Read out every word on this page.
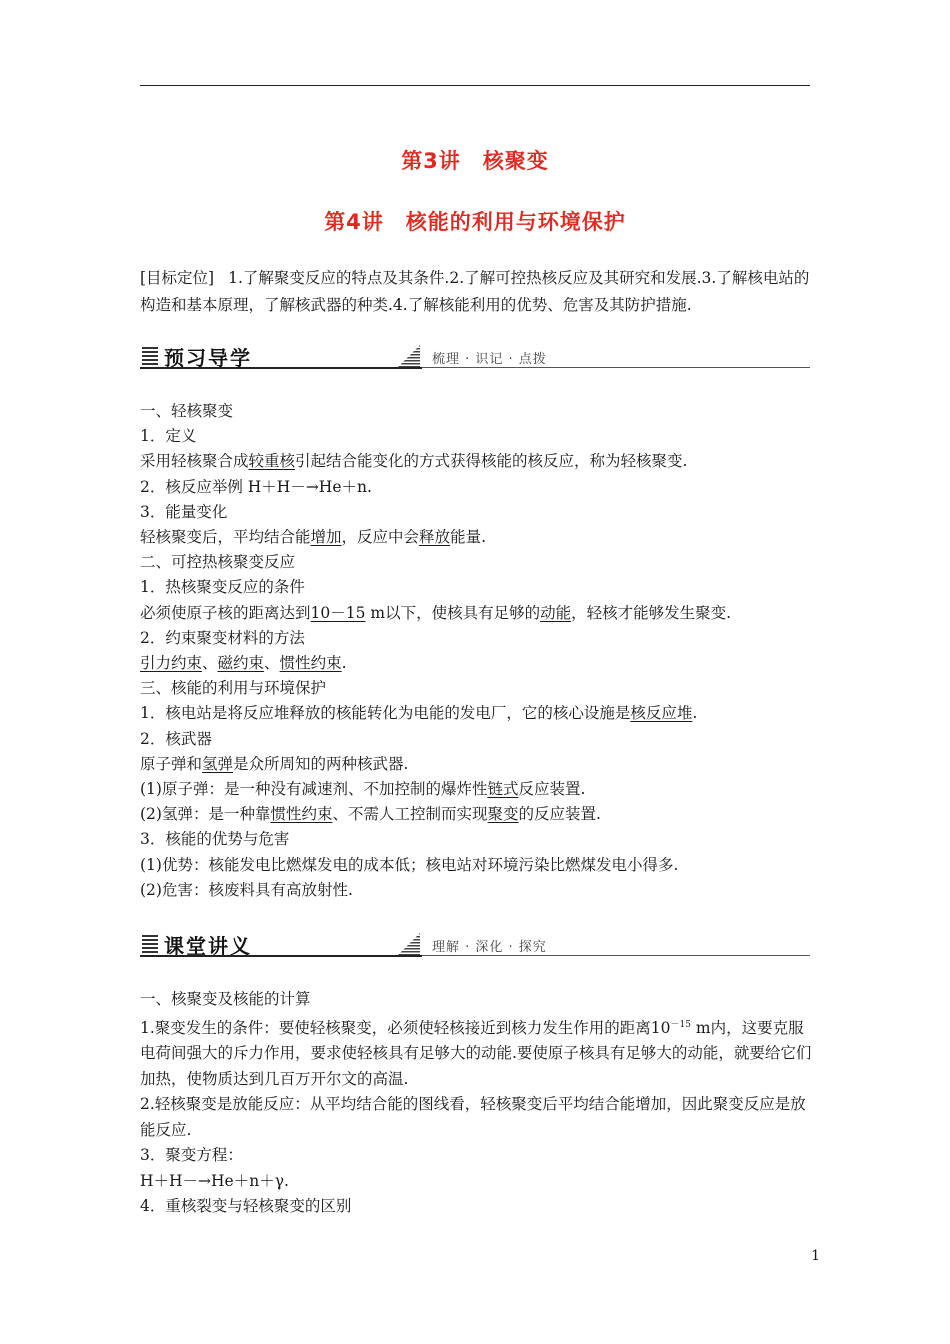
第3讲　核聚变
第4讲　核能的利用与环境保护
[目标定位] 1.了解聚变反应的特点及其条件.2.了解可控热核反应及其研究和发展.3.了解核电站的构造和基本原理，了解核武器的种类.4.了解核能利用的优势、危害及其防护措施.
预习导学	梳理 · 识记 · 点拨

一、轻核聚变

1．定义

采用轻核聚合成较重核引起结合能变化的方式获得核能的核反应，称为轻核聚变.

2．核反应举例 H＋H－→He＋n.

3．能量变化

轻核聚变后，平均结合能增加，反应中会释放能量.

二、可控热核聚变反应

1．热核聚变反应的条件

必须使原子核的距离达到10－15 m以下，使核具有足够的动能，轻核才能够发生聚变.

2．约束聚变材料的方法

引力约束、磁约束、惯性约束.

三、核能的利用与环境保护

1．核电站是将反应堆释放的核能转化为电能的发电厂，它的核心设施是核反应堆.

2．核武器

原子弹和氢弹是众所周知的两种核武器.

(1)原子弹：是一种没有减速剂、不加控制的爆炸性链式反应装置.

(2)氢弹：是一种靠惯性约束、不需人工控制而实现聚变的反应装置.

3．核能的优势与危害

(1)优势：核能发电比燃煤发电的成本低；核电站对环境污染比燃煤发电小得多.

(2)危害：核废料具有高放射性.

课堂讲义	理解 · 深化 · 探究

一、核聚变及核能的计算

1.聚变发生的条件：要使轻核聚变，必须使轻核接近到核力发生作用的距离$10^{-15}$ m内，这要克服电荷间强大的斥力作用，要求使轻核具有足够大的动能.要使原子核具有足够大的动能，就要给它们加热，使物质达到几百万开尔文的高温.

2.轻核聚变是放能反应：从平均结合能的图线看，轻核聚变后平均结合能增加，因此聚变反应是放能反应.

3．聚变方程：

H＋H－→He＋n＋γ.

4．重核裂变与轻核聚变的区别

1
